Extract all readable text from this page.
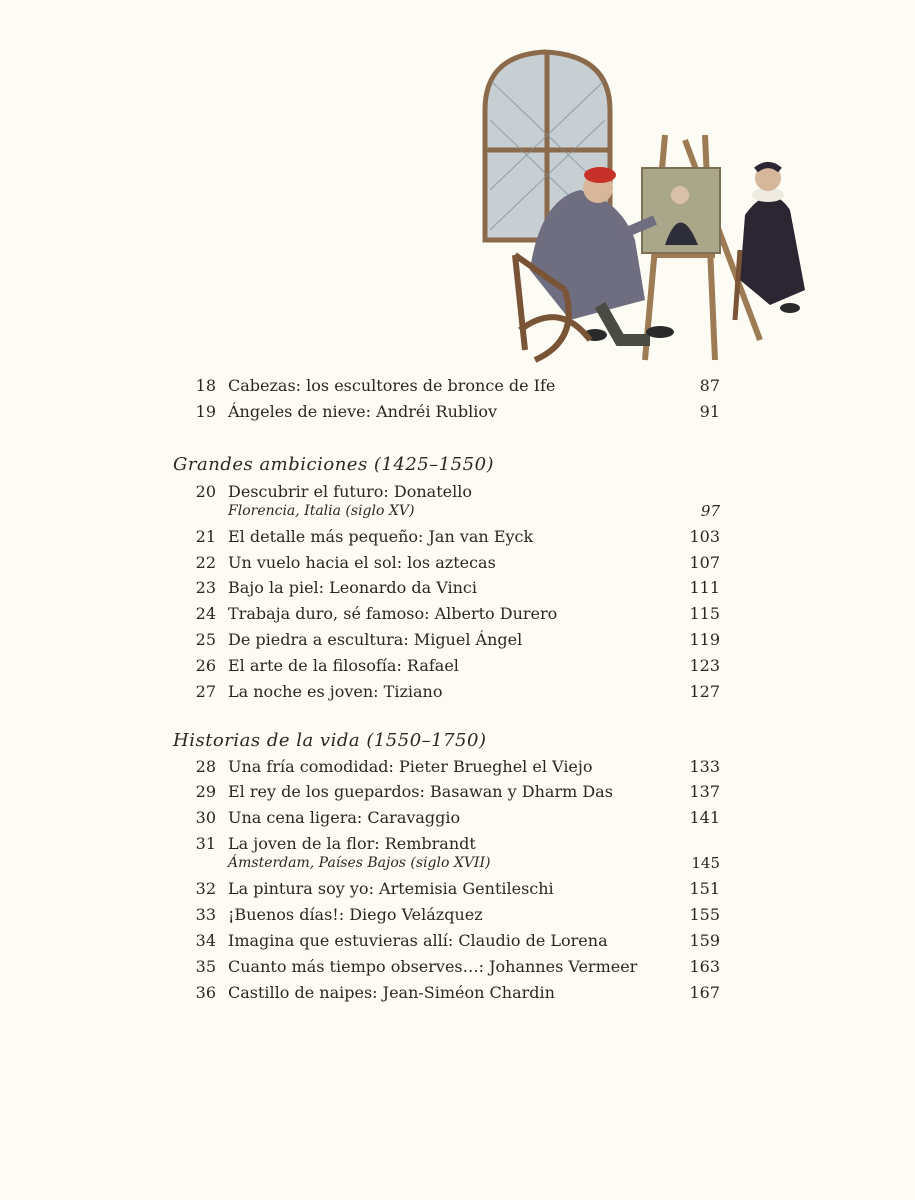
18 Cabezas: los escultores de bronce de Ife	87
19 Ángeles de nieve: Andréi Rubliov	91
Grandes ambiciones (1425–1550)
20 Descubrir el futuro: Donatello
Florencia, Italia (siglo XV)	97
21 El detalle más pequeño: Jan van Eyck	103
22 Un vuelo hacia el sol: los aztecas	107
23 Bajo la piel: Leonardo da Vinci	111
24 Trabaja duro, sé famoso: Alberto Durero	115
25 De piedra a escultura: Miguel Ángel	119
26 El arte de la filosofía: Rafael	123
27 La noche es joven: Tiziano	127
Historias de la vida (1550–1750)
28 Una fría comodidad: Pieter Brueghel el Viejo	133
29 El rey de los guepardos: Basawan y Dharm Das	137
30 Una cena ligera: Caravaggio	141
31 La joven de la flor: Rembrandt
Ámsterdam, Países Bajos (siglo XVII)	145
32 La pintura soy yo: Artemisia Gentileschi	151
33 ¡Buenos días!: Diego Velázquez	155
34 Imagina que estuvieras allí: Claudio de Lorena	159
35 Cuanto más tiempo observes…: Johannes Vermeer	163
36 Castillo de naipes: Jean-Siméon Chardin	167
